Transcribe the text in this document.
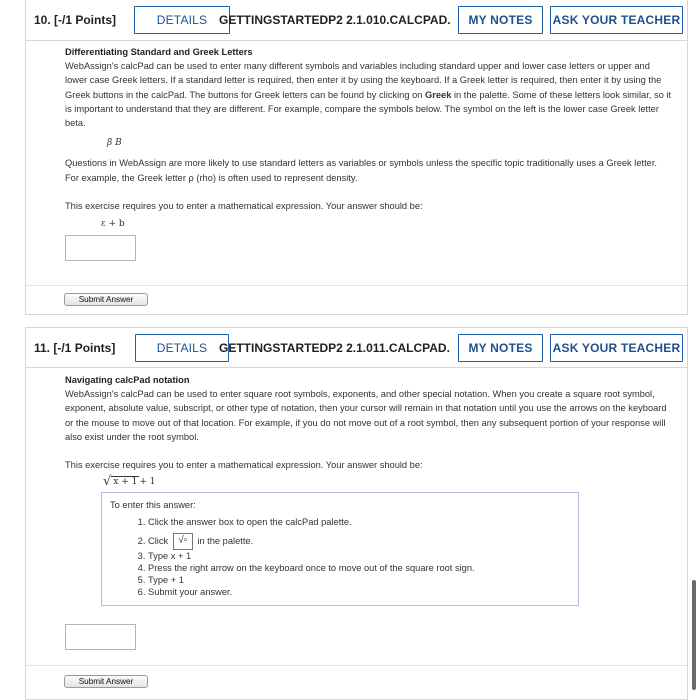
10. [-/1 Points]	DETAILS GETTINGSTARTEDP2 2.1.010.CALCPAD.	MY NOTES	ASK YOUR TEACHER

Differentiating Standard and Greek Letters

WebAssign's calcPad can be used to enter many different symbols and variables including standard upper and lower case letters or upper and lower case Greek letters. If a standard letter is required, then enter it by using the keyboard. If a Greek letter is required, then enter it by using the Greek buttons in the calcPad. The buttons for Greek letters can be found by clicking on Greek in the palette. Some of these letters look similar, so it is important to understand that they are different. For example, compare the symbols below. The symbol on the left is the lower case Greek letter beta.

β B

Questions in WebAssign are more likely to use standard letters as variables or symbols unless the specific topic traditionally uses a Greek letter. For example, the Greek letter ρ (rho) is often used to represent density.

This exercise requires you to enter a mathematical expression. Your answer should be:

ε + b
Submit Answer
11. [-/1 Points]	DETAILS GETTINGSTARTEDP2 2.1.011.CALCPAD.	MY NOTES	ASK YOUR TEACHER

Navigating calcPad notation

WebAssign's calcPad can be used to enter square root symbols, exponents, and other special notation. When you create a square root symbol, exponent, absolute value, subscript, or other type of notation, then your cursor will remain in that notation until you use the arrows on the keyboard or the mouse to move out of that location. For example, if you do not move out of a root symbol, then any subsequent portion of your response will also exist under the root symbol.

This exercise requires you to enter a mathematical expression. Your answer should be:

√ x + 1 + 1
To enter this answer:
1. Click the answer box to open the calcPad palette.
2. Click √▫ in the palette.
3. Type x + 1
4. Press the right arrow on the keyboard once to move out of the square root sign.
5. Type + 1
6. Submit your answer.
Submit Answer
